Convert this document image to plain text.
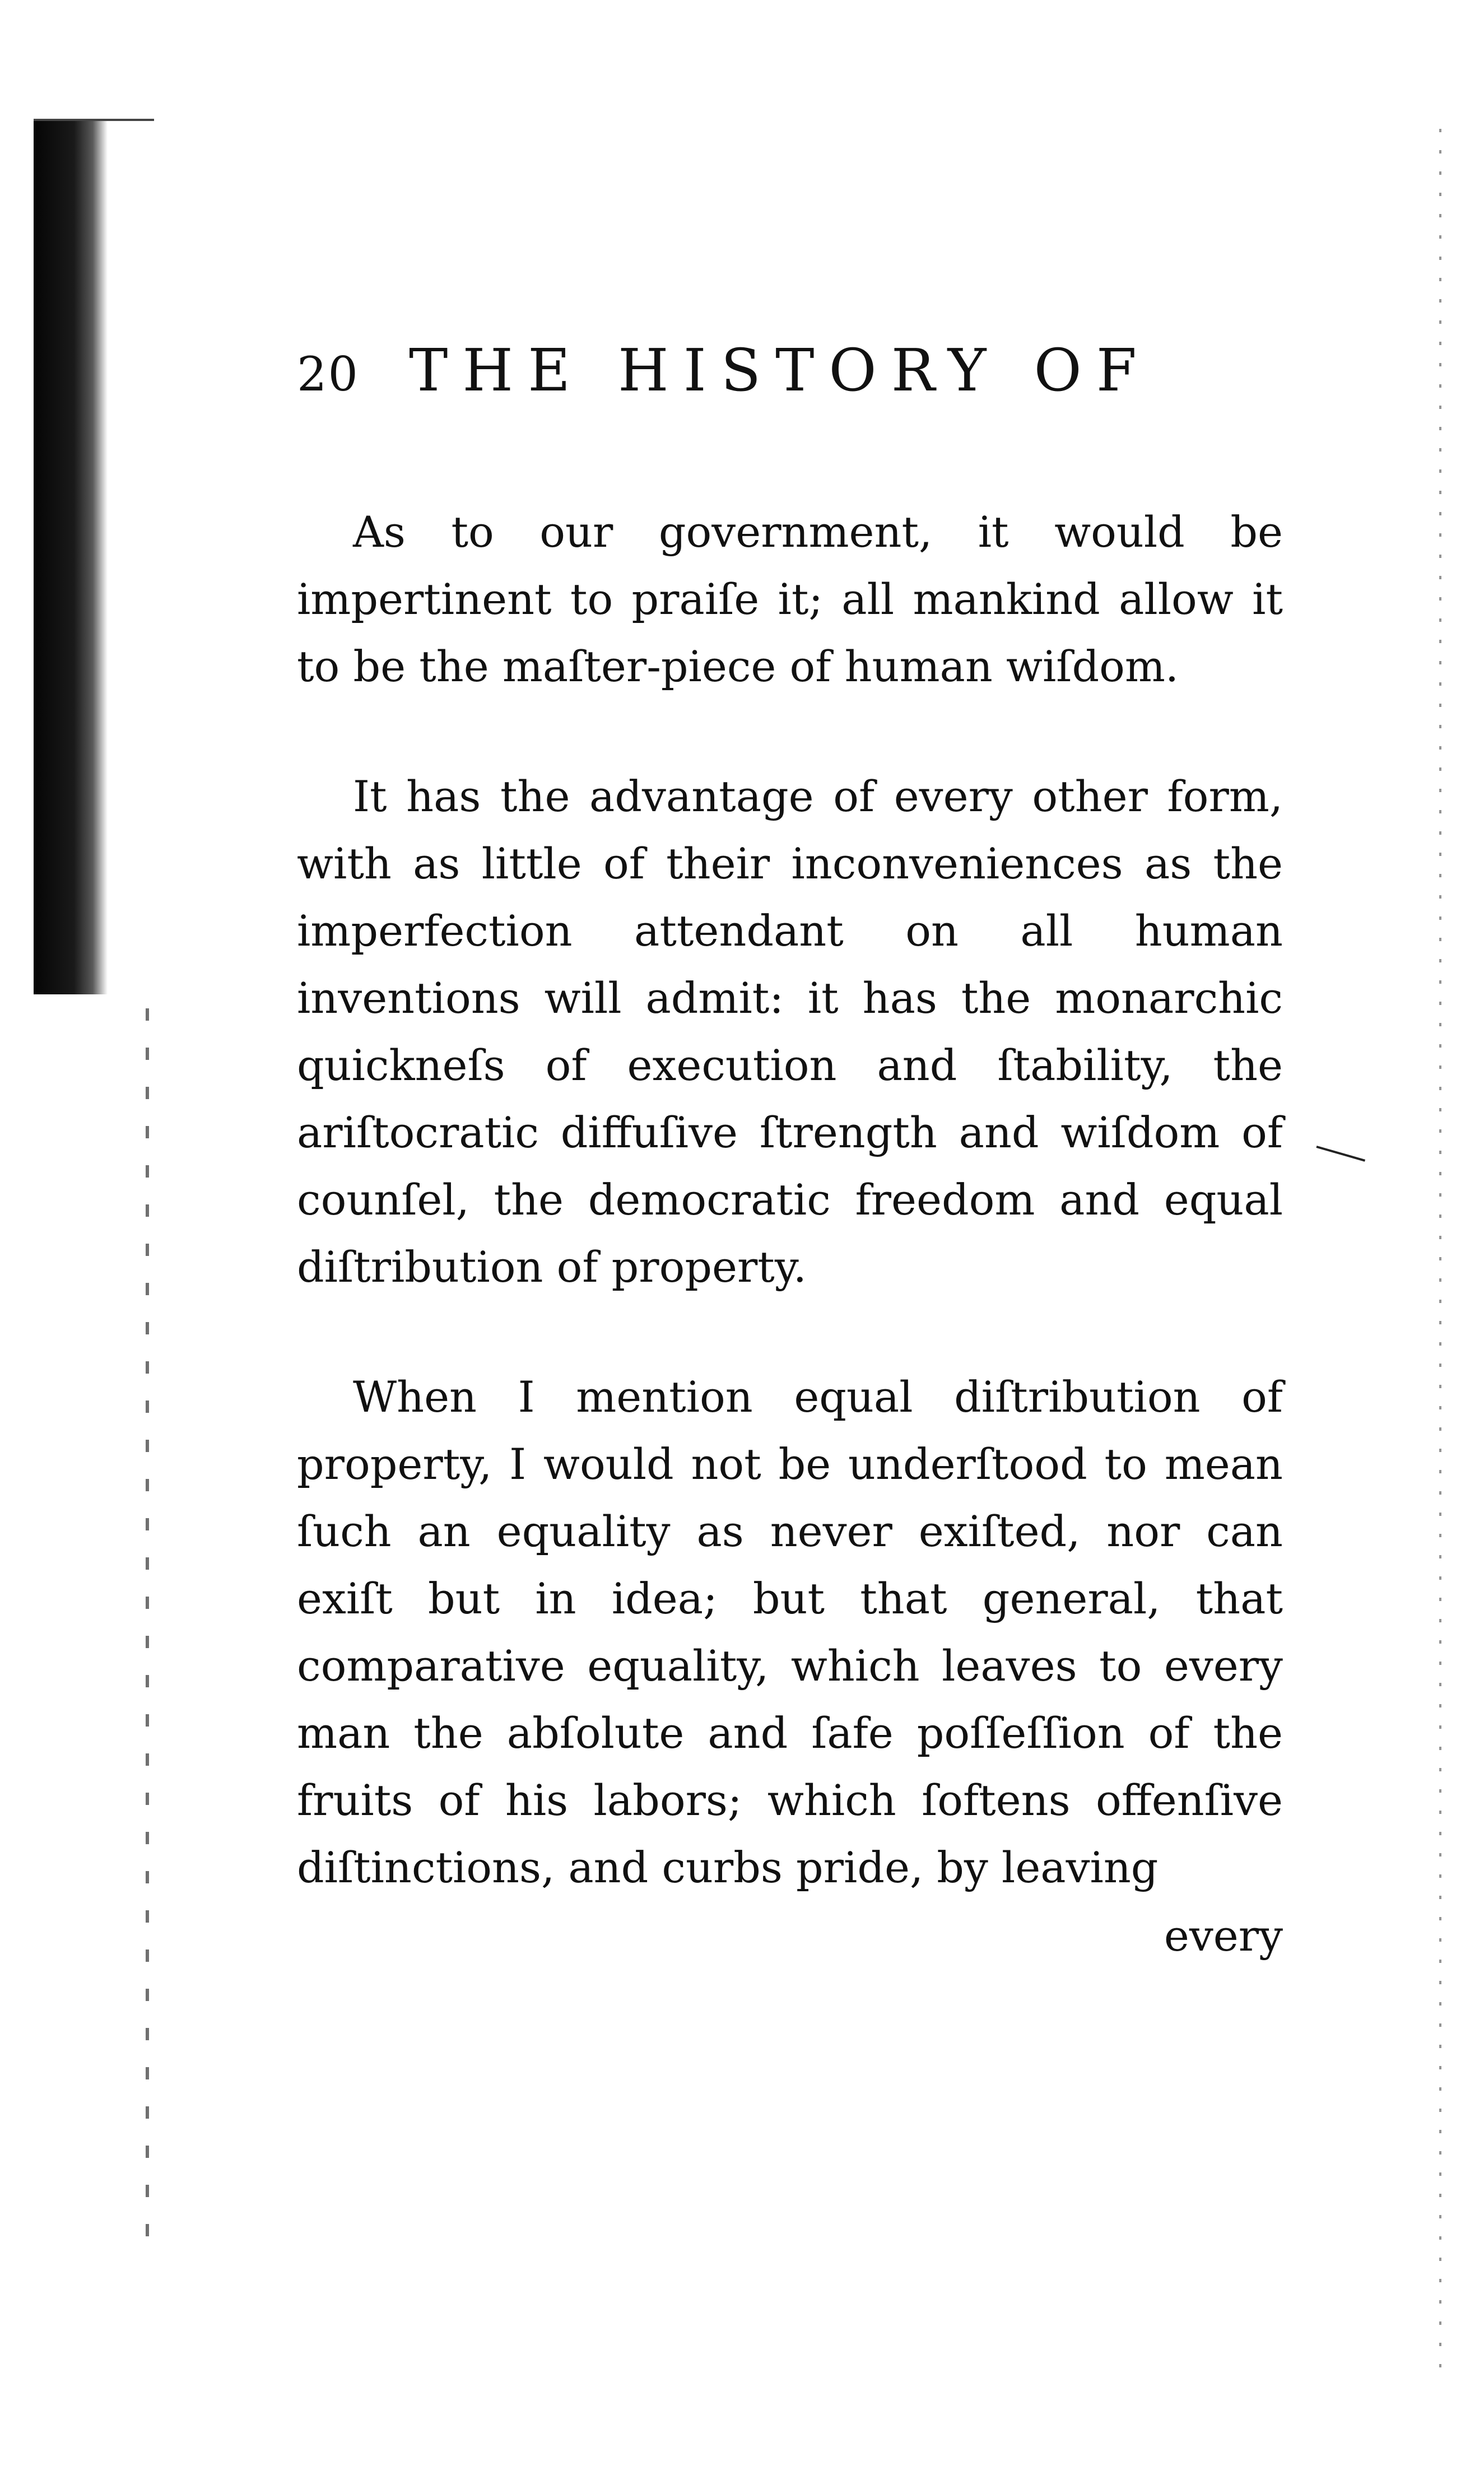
20 THE HISTORY OF

As to our government, it would be impertinent to praiſe it; all mankind allow it to be the maſter-piece of human wiſdom.

It has the advantage of every other form, with as little of their inconveniences as the imperfection attendant on all human inventions will admit: it has the monarchic quickneſs of execution and ſtability, the ariſtocratic diffuſive ſtrength and wiſdom of counſel, the democratic freedom and equal diſtribution of property.

When I mention equal diſtribution of property, I would not be underſtood to mean ſuch an equality as never exiſted, nor can exiſt but in idea; but that general, that comparative equality, which leaves to every man the abſolute and ſafe poſſeſſion of the fruits of his labors; which ſoftens offenſive diſtinctions, and curbs pride, by leaving

every
